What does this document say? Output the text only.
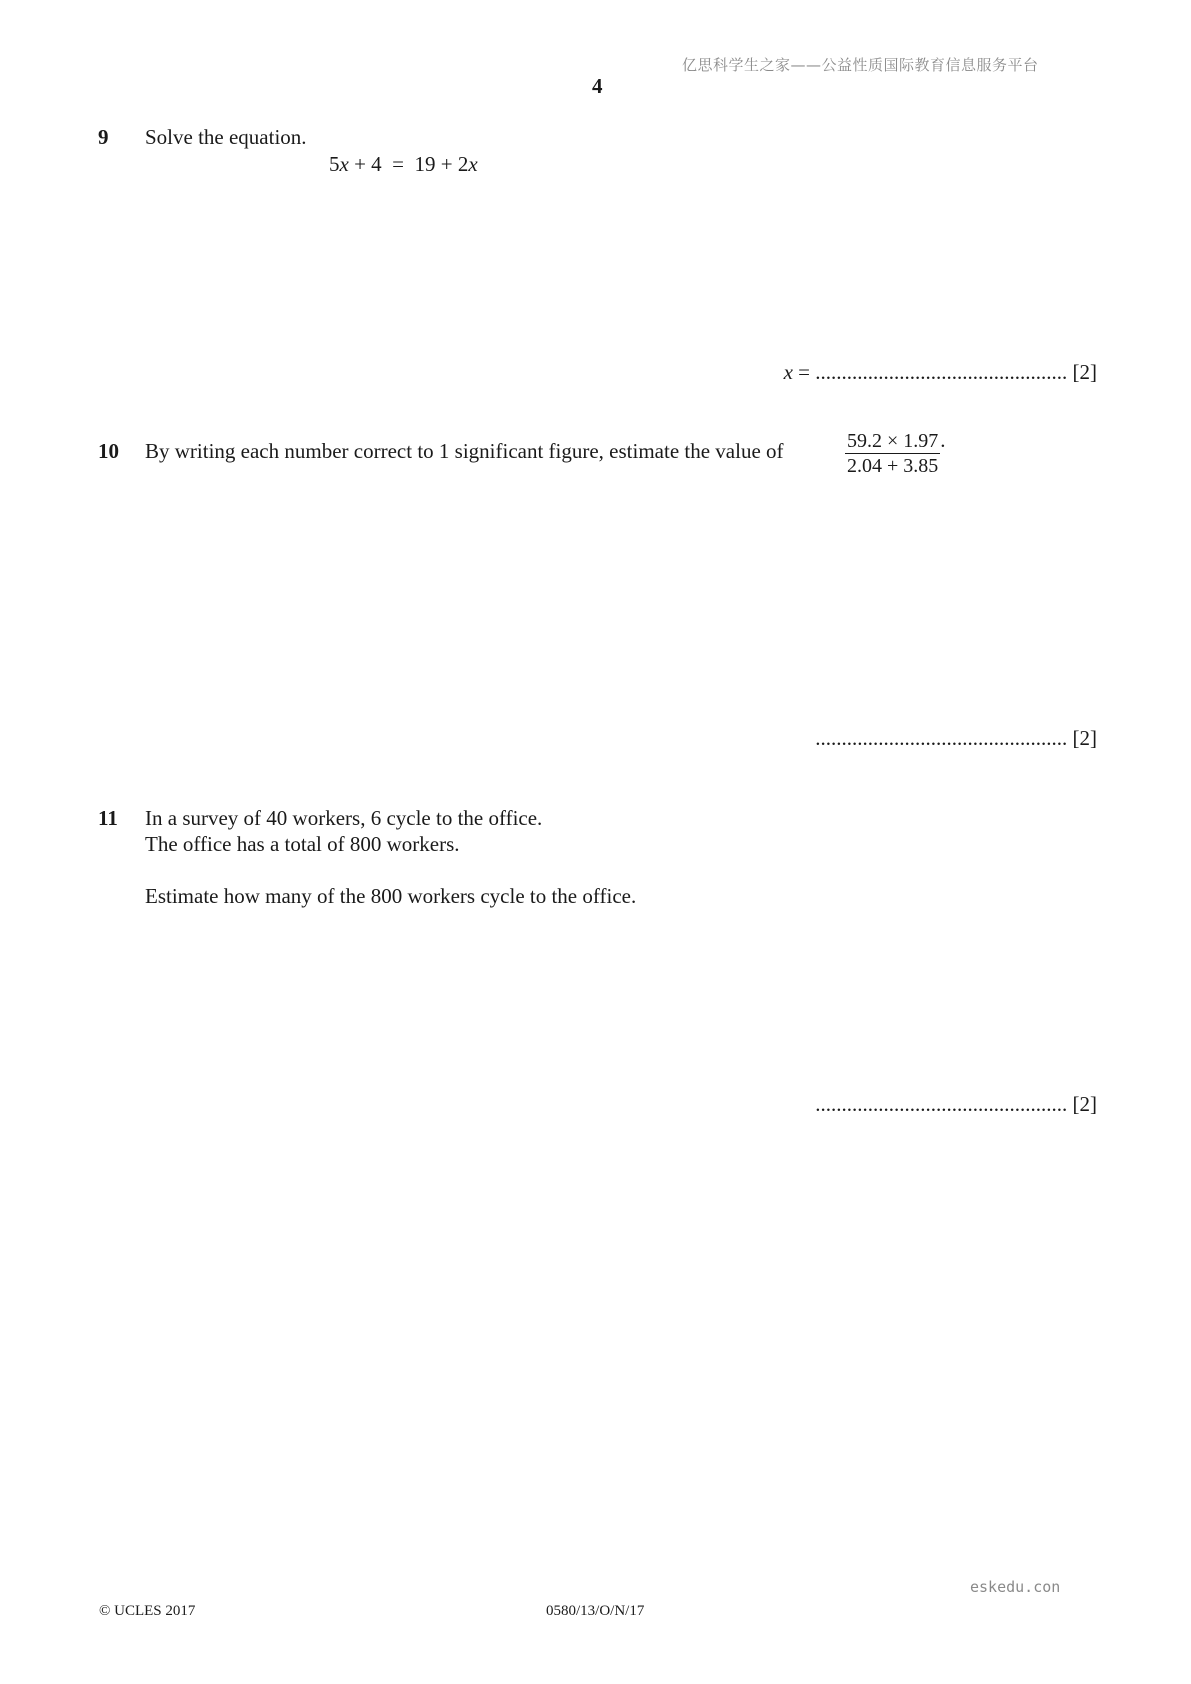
亿思科学生之家——公益性质国际教育信息服务平台
4
9 Solve the equation.
5x + 4  =  19 + 2x
x = ................................................ [2]
10 By writing each number correct to 1 significant figure, estimate the value of	$\frac{59.2 \times 1.97}{2.04 + 3.85}$ .
................................................ [2]
11 In a survey of 40 workers, 6 cycle to the office.
The office has a total of 800 workers.
Estimate how many of the 800 workers cycle to the office.
................................................ [2]
eskedu.con
© UCLES 2017	0580/13/O/N/17
